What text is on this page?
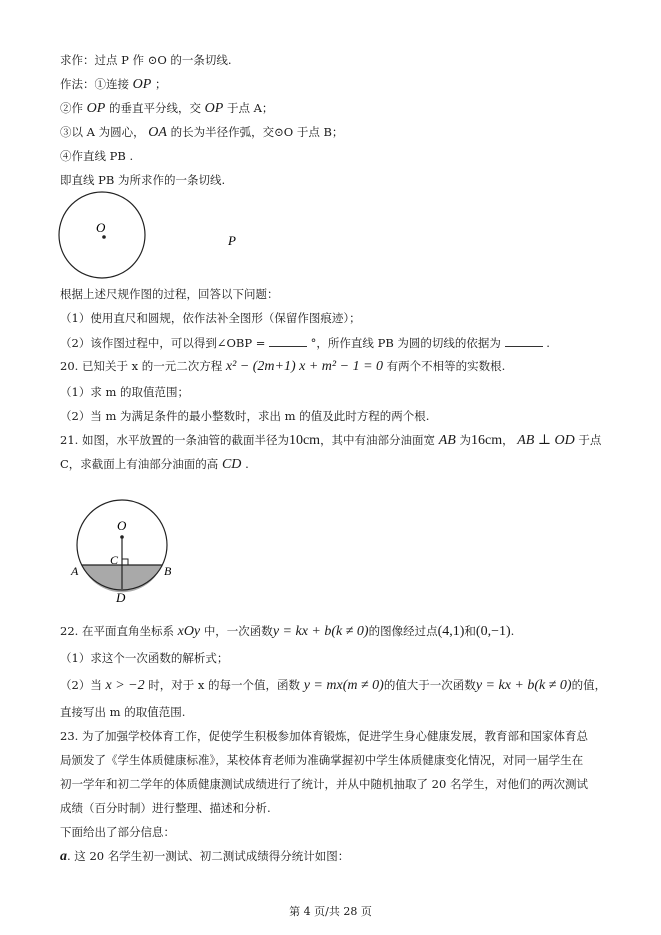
求作：过点 P 作 ⊙O 的一条切线.
作法：①连接 OP ；
②作 OP 的垂直平分线，交 OP 于点 A；
③以 A 为圆心， OA 的长为半径作弧，交⊙O 于点 B；
④作直线 PB .
即直线 PB 为所求作的一条切线.
O
P
根据上述尺规作图的过程，回答以下问题：
（1）使用直尺和圆规，依作法补全图形（保留作图痕迹）；
（2）该作图过程中，可以得到∠OBP =	°，所作直线 PB 为圆的切线的依据为	.
20. 已知关于 x 的一元二次方程 x² − (2m+1) x + m² − 1 = 0 有两个不相等的实数根.
（1）求 m 的取值范围；
（2）当 m 为满足条件的最小整数时，求出 m 的值及此时方程的两个根.
21. 如图，水平放置的一条油管的截面半径为10cm，其中有油部分油面宽 AB 为16cm， AB ⊥ OD 于点
C，求截面上有油部分油面的高 CD .
O
C
A	B
D
22. 在平面直角坐标系 xOy 中，一次函数y = kx + b(k ≠ 0)的图像经过点(4,1)和(0,−1).
（1）求这个一次函数的解析式；
（2）当 x > −2 时，对于 x 的每一个值，函数 y = mx(m ≠ 0)的值大于一次函数y = kx + b(k ≠ 0)的值，
直接写出 m 的取值范围.
23. 为了加强学校体育工作，促使学生积极参加体育锻炼，促进学生身心健康发展，教育部和国家体育总
局颁发了《学生体质健康标准》，某校体育老师为准确掌握初中学生体质健康变化情况，对同一届学生在
初一学年和初二学年的体质健康测试成绩进行了统计，并从中随机抽取了 20 名学生，对他们的两次测试
成绩（百分时制）进行整理、描述和分析.
下面给出了部分信息：
a. 这 20 名学生初一测试、初二测试成绩得分统计如图：
第 4 页/共 28 页
